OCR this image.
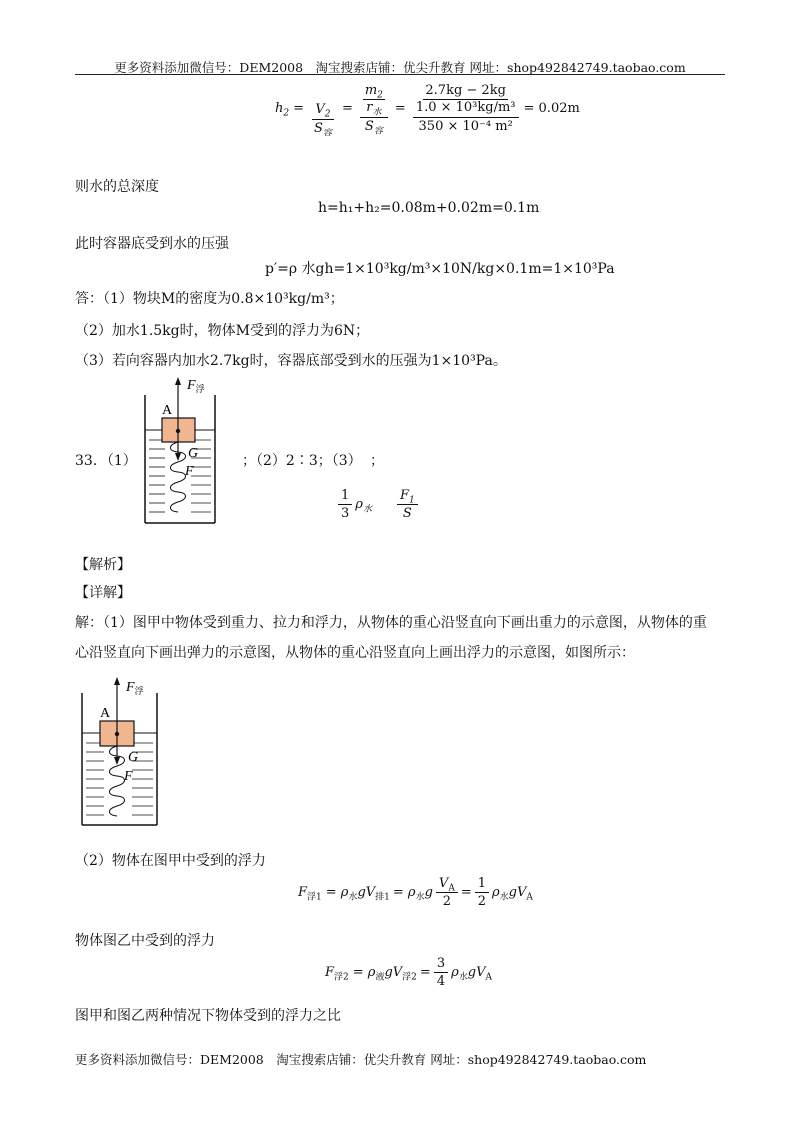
更多资料添加微信号：DEM2008　淘宝搜索店铺：优尖升教育 网址：shop492842749.taobao.com
$h_2 = \frac{V_2}{S_容} = m_2$
$r_水$
$S_容 = 2.7kg - 2kg$
1.0 × 10³kg/m³
350 × 10⁻⁴ m² = 0.02m
则水的总深度
h=h₁+h₂=0.08m+0.02m=0.1m
此时容器底受到水的压强
p′=ρ 水gh=1×10³kg/m³×10N/kg×0.1m=1×10³Pa
答：（1）物块M的密度为0.8×10³kg/m³；
（2）加水1.5kg时，物体M受到的浮力为6N；
（3）若向容器内加水2.7kg时，容器底部受到水的压强为1×10³Pa。
33．（1）
$F_浮$
A
G
F
；（2）2∶3；（3） ；
$\frac{1}{3} \rho_水 \frac{F_1}{S}$
【解析】
【详解】
解：（1）图甲中物体受到重力、拉力和浮力，从物体的重心沿竖直向下画出重力的示意图，从物体的重
心沿竖直向下画出弹力的示意图，从物体的重心沿竖直向上画出浮力的示意图，如图所示：
$F_浮$
A
G
F
（2）物体在图甲中受到的浮力
$F_{浮1} = \rho_水$ $gV_{排1} = \rho_水$ g $\frac{V_A}{2} = \frac{1}{2} \rho_水$ $gV_A$
物体图乙中受到的浮力
$F_{浮2} = \rho_液$ $gV_{浮2} = \frac{3}{4} \rho_水$ $gV_A$
图甲和图乙两种情况下物体受到的浮力之比
更多资料添加微信号：DEM2008　淘宝搜索店铺：优尖升教育 网址：shop492842749.taobao.com
